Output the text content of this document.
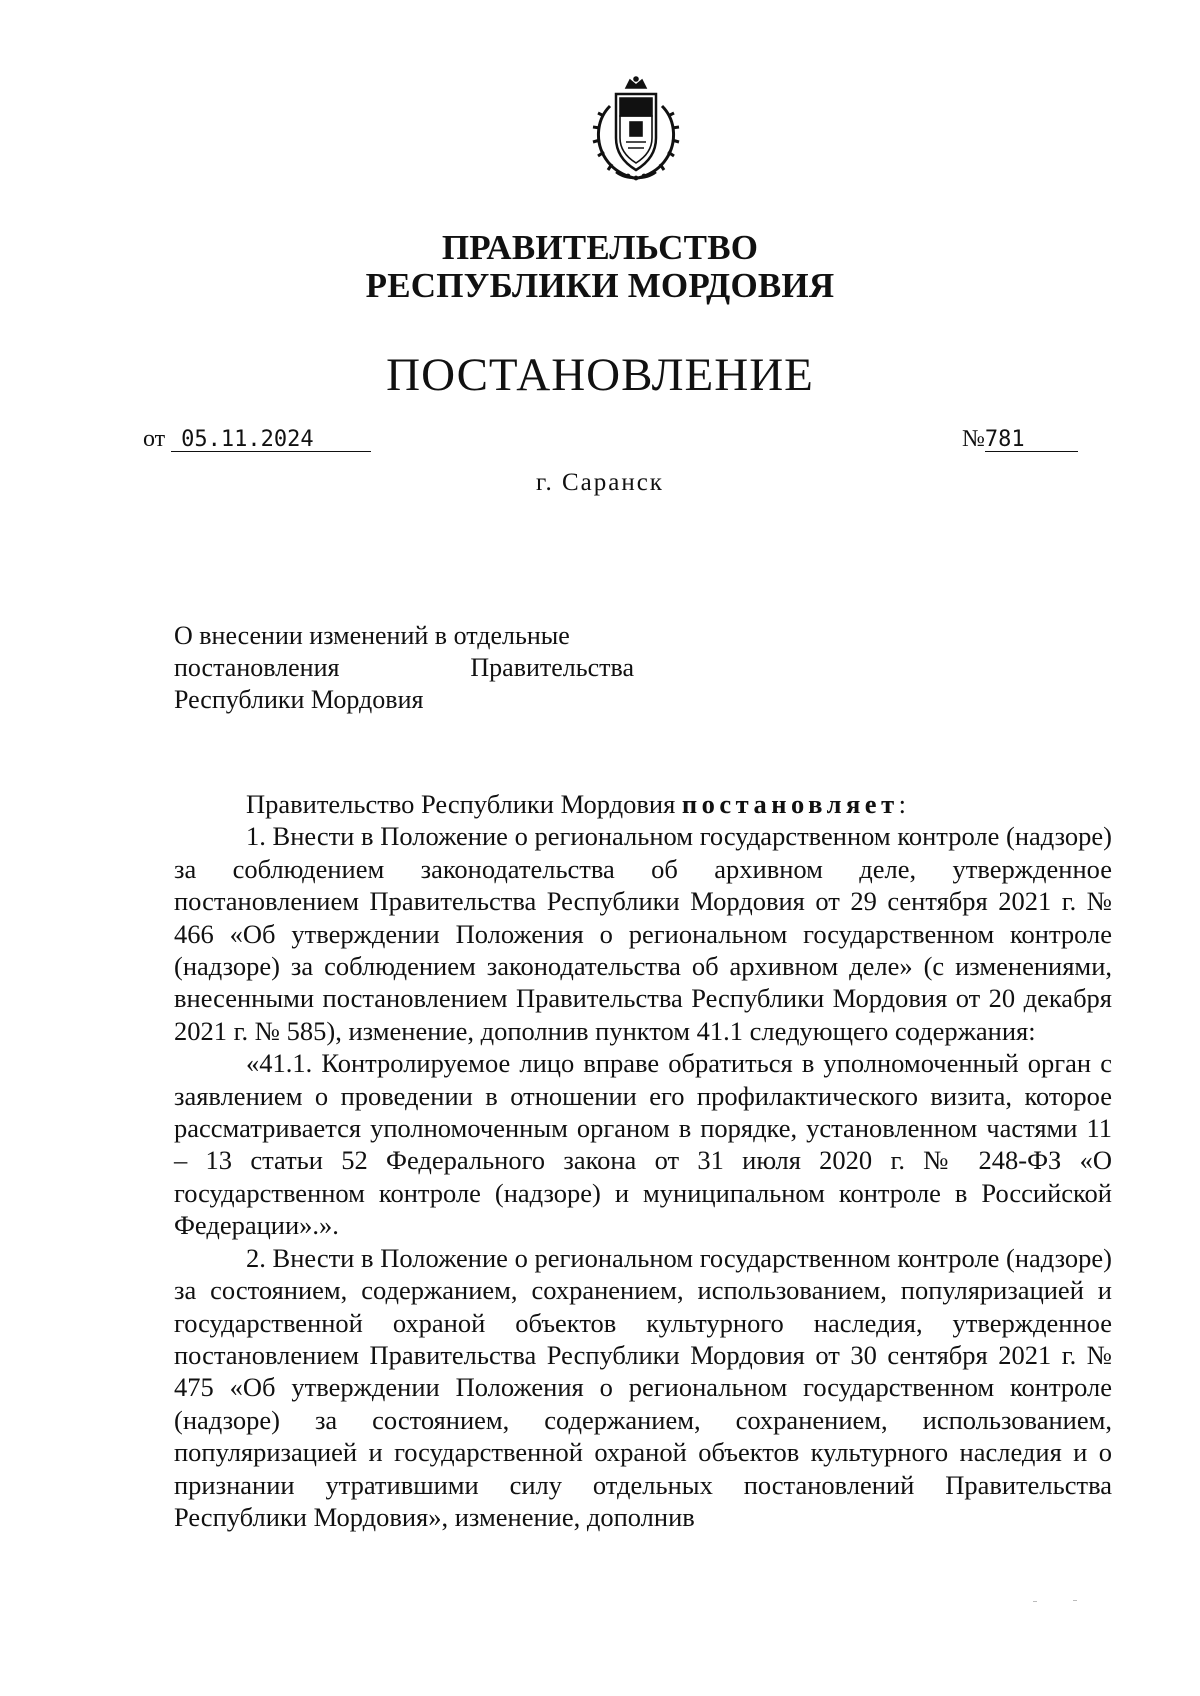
ПРАВИТЕЛЬСТВО
РЕСПУБЛИКИ МОРДОВИЯ
ПОСТАНОВЛЕНИЕ
от 05.11.2024	№781
г. Саранск
О внесении изменений в отдельные
постановления	Правительства
Республики Мордовия

Правительство Республики Мордовия постановляет:

1. Внести в Положение о региональном государственном контроле (надзоре) за соблюдением законодательства об архивном деле, утвержденное постановлением Правительства Республики Мордовия от 29 сентября 2021 г. № 466 «Об утверждении Положения о региональном государственном контроле (надзоре) за соблюдением законодательства об архивном деле» (с изменениями, внесенными постановлением Правительства Республики Мордовия от 20 декабря 2021 г. № 585), изменение, дополнив пунктом 41.1 следующего содержания:

«41.1. Контролируемое лицо вправе обратиться в уполномоченный орган с заявлением о проведении в отношении его профилактического визита, которое рассматривается уполномоченным органом в порядке, установленном частями 11 – 13 статьи 52 Федерального закона от 31 июля 2020 г. № 248-ФЗ «О государственном контроле (надзоре) и муниципальном контроле в Российской Федерации».».

2. Внести в Положение о региональном государственном контроле (надзоре) за состоянием, содержанием, сохранением, использованием, популяризацией и государственной охраной объектов культурного наследия, утвержденное постановлением Правительства Республики Мордовия от 30 сентября 2021 г. № 475 «Об утверждении Положения о региональном государственном контроле (надзоре) за состоянием, содержанием, сохранением, использованием, популяризацией и государственной охраной объектов культурного наследия и о признании утратившими силу отдельных постановлений Правительства Республики Мордовия», изменение, дополнив
